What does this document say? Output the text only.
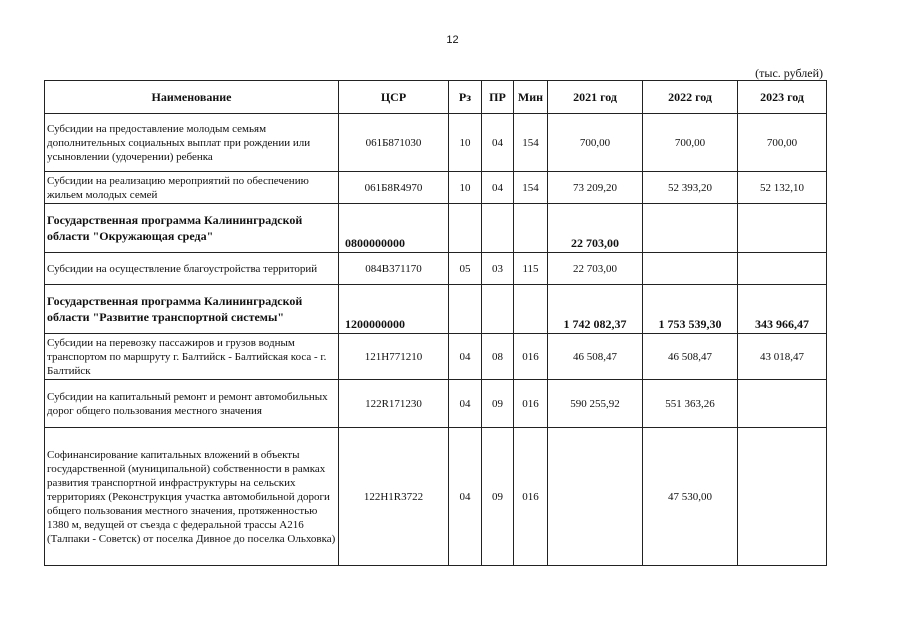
12
(тыс. рублей)
Наименование	ЦСР	Рз	ПР	Мин	2021 год	2022 год	2023 год
Субсидии на предоставление молодым семьям дополнительных социальных выплат при рождении или усыновлении (удочерении) ребенка	061Б871030	10	04	154	700,00	700,00	700,00
Субсидии на реализацию мероприятий по обеспечению жильем молодых семей	061Б8R4970	10	04	154	73 209,20	52 393,20	52 132,10
Государственная программа Калининградской области "Окружающая среда"	0800000000				22 703,00		
Субсидии на осуществление благоустройства территорий	084В371170	05	03	115	22 703,00		
Государственная программа Калининградской области "Развитие транспортной системы"	1200000000				1 742 082,37	1 753 539,30	343 966,47
Субсидии на перевозку пассажиров и грузов водным транспортом по маршруту г. Балтийск - Балтийская коса - г. Балтийск	121Н771210	04	08	016	46 508,47	46 508,47	43 018,47
Субсидии на капитальный ремонт и ремонт автомобильных дорог общего пользования местного значения	122R171230	04	09	016	590 255,92	551 363,26	
Софинансирование капитальных вложений в объекты государственной (муниципальной) собственности в рамках развития транспортной инфраструктуры на сельских территориях (Реконструкция участка автомобильной дороги общего пользования местного значения, протяженностью 1380 м, ведущей от съезда с федеральной трассы А216 (Талпаки - Советск) от поселка Дивное до поселка Ольховка)	122Н1R3722	04	09	016		47 530,00	
